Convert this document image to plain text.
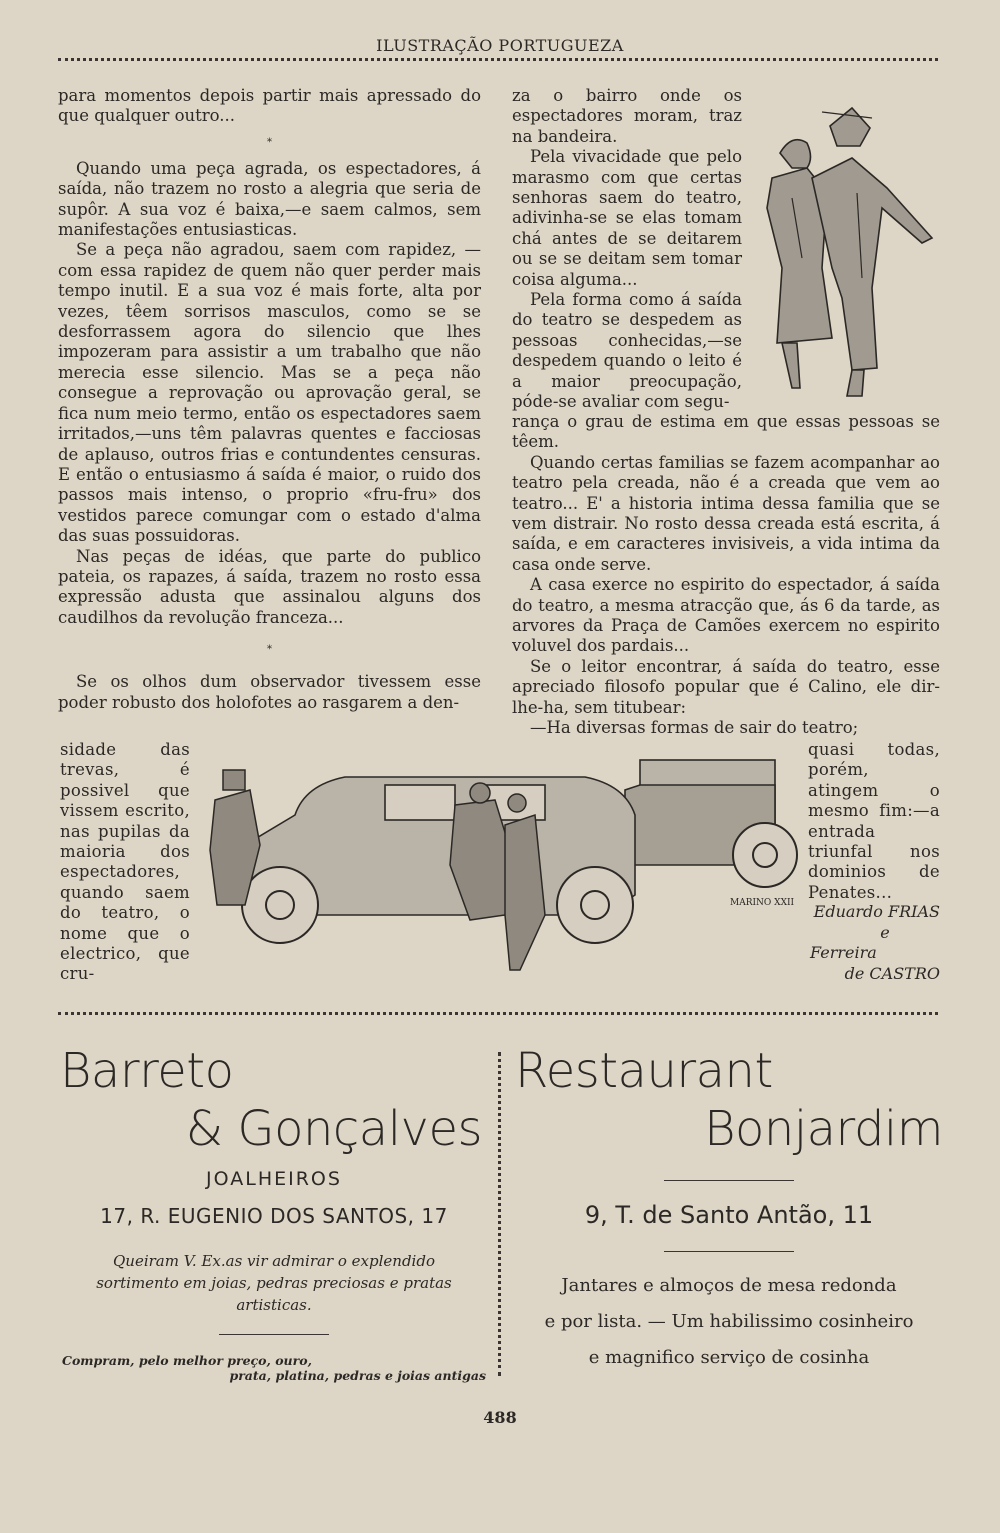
ILUSTRAÇÃO PORTUGUEZA

para momentos depois partir mais apressado do que qualquer outro...

*

Quando uma peça agrada, os espectadores, á saída, não trazem no rosto a alegria que seria de supôr. A sua voz é baixa,—e saem calmos, sem manifestações entusiasticas.

Se a peça não agradou, saem com rapidez, — com essa rapidez de quem não quer perder mais tempo inutil. E a sua voz é mais forte, alta por vezes, têem sorrisos masculos, como se se desforrassem agora do silencio que lhes impozeram para assistir a um trabalho que não merecia esse silencio. Mas se a peça não consegue a reprovação ou aprovação geral, se fica num meio termo, então os espectadores saem irritados,—uns têm palavras quentes e facciosas de aplauso, outros frias e contundentes censuras. E então o entusiasmo á saída é maior, o ruido dos passos mais intenso, o proprio «fru-fru» dos vestidos parece comungar com o estado d'alma das suas possuidoras.

Nas peças de idéas, que parte do publico pateia, os rapazes, á saída, trazem no rosto essa expressão adusta que assinalou alguns dos caudilhos da revolução franceza...

*

Se os olhos dum observador tivessem esse poder robusto dos holofotes ao rasgarem a den-

sidade das trevas, é possivel que vissem escrito, nas pupilas da maioria dos espectadores, quando saem do teatro, o nome que o electrico, que cru-

za o bairro onde os espectadores moram, traz na bandeira.

Pela vivacidade que pelo marasmo com que certas senhoras saem do teatro, adivinha-se se elas tomam chá antes de se deitarem ou se se deitam sem tomar coisa alguma...

Pela forma como á saída do teatro se despedem as pessoas conhecidas,—se despedem quando o leito é a maior preocupação, póde-se avaliar com segu-

rança o grau de estima em que essas pessoas se têem.

Quando certas familias se fazem acompanhar ao teatro pela creada, não é a creada que vem ao teatro... E' a historia intima dessa familia que se vem distrair. No rosto dessa creada está escrita, á saída, e em caracteres invisiveis, a vida intima da casa onde serve.

A casa exerce no espirito do espectador, á saída do teatro, a mesma atracção que, ás 6 da tarde, as arvores da Praça de Camões exercem no espirito voluvel dos pardais...

Se o leitor encontrar, á saída do teatro, esse apreciado filosofo popular que é Calino, ele dir-lhe-ha, sem titubear:

—Ha diversas formas de sair do teatro;

quasi todas, porém, atingem o mesmo fim:—a entrada triunfal nos dominios de Penates...

Eduardo FRIAS
e
Ferreira
de CASTRO
MARINO XXII
Barreto
& Gonçalves
JOALHEIROS
17, R. EUGENIO DOS SANTOS, 17
Queiram V. Ex.as vir admirar o explendido sortimento em joias, pedras preciosas e pratas artisticas.
Compram, pelo melhor preço, ouro,
prata, platina, pedras e joias antigas
Restaurant
Bonjardim
9, T. de Santo Antão, 11
Jantares e almoços de mesa redonda
e por lista. — Um habilissimo cosinheiro
e magnifico serviço de cosinha
488
